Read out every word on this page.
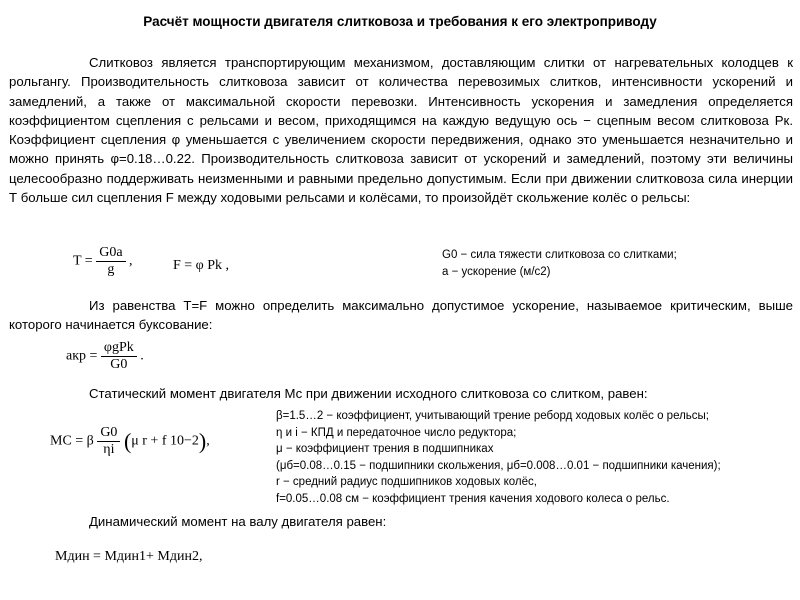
Расчёт мощности двигателя слитковоза и требования к его электроприводу
Слитковоз является транспортирующим механизмом, доставляющим слитки от нагревательных колодцев к рольгангу. Производительность слитковоза зависит от количества перевозимых слитков, интенсивности ускорений и замедлений, а также от максимальной скорости перевозки. Интенсивность ускорения и замедления определяется коэффициентом сцепления с рельсами и весом, приходящимся на каждую ведущую ось − сцепным весом слитковоза Рк. Коэффициент сцепления φ уменьшается с увеличением скорости передвижения, однако это уменьшается незначительно и можно принять φ=0.18…0.22. Производительность слитковоза зависит от ускорений и замедлений, поэтому эти величины целесообразно поддерживать неизменными и равными предельно допустимым. Если при движении слитковоза сила инерции Т больше сил сцепления F между ходовыми рельсами и колёсами, то произойдёт скольжение колёс о рельсы:
$T = \frac{G0a}{g}$ ,	F = φ Pk ,
G0 − сила тяжести слитковоза со слитками;
a − ускорение (м/с2)
Из равенства T=F можно определить максимально допустимое ускорение, называемое критическим, выше которого начинается буксование:
aкр = $\frac{\text{φgPk}}{G0}$ .
Статический момент двигателя Мс при движении исходного слитковоза со слитком, равен:
MC = β $\frac{G0}{\eta i} (\mu$ r + f 10−2),
β=1.5…2 − коэффициент, учитывающий трение реборд ходовых колёс о рельсы;
η и i − КПД и передаточное число редуктора;
μ − коэффициент трения в подшипниках
(μб=0.08…0.15 − подшипники скольжения, μб=0.008…0.01 − подшипники качения);
r − средний радиус подшипников ходовых колёс,
f=0.05…0.08 см − коэффициент трения качения ходового колеса о рельс.
Динамический момент на валу двигателя равен:
Mдин = Mдин1+ Mдин2,
